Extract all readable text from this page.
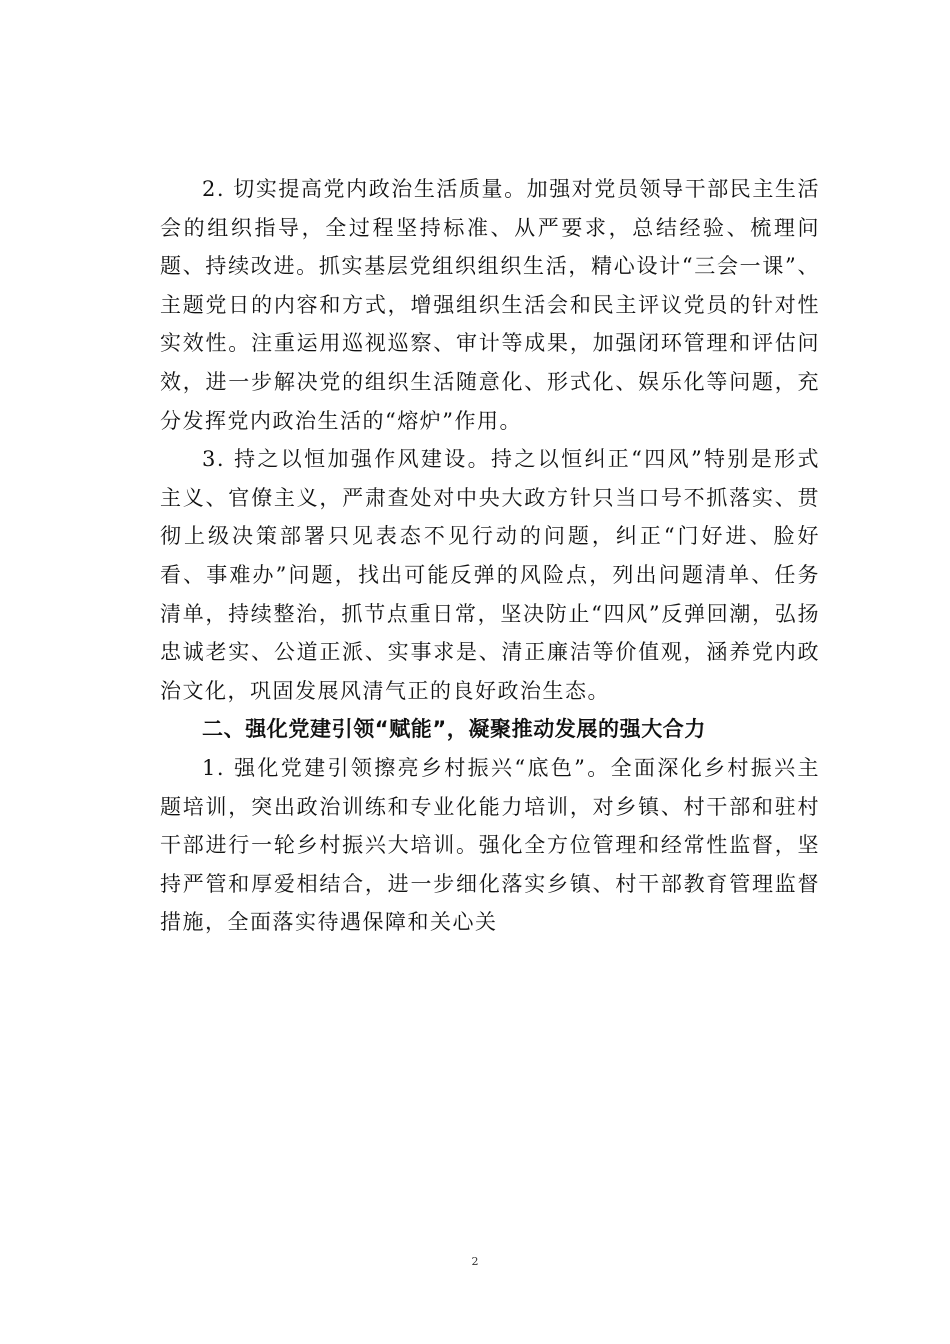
2. 切实提高党内政治生活质量。加强对党员领导干部民主生活会的组织指导，全过程坚持标准、从严要求，总结经验、梳理问题、持续改进。抓实基层党组织组织生活，精心设计“三会一课”、主题党日的内容和方式，增强组织生活会和民主评议党员的针对性实效性。注重运用巡视巡察、审计等成果，加强闭环管理和评估问效，进一步解决党的组织生活随意化、形式化、娱乐化等问题，充分发挥党内政治生活的“熔炉”作用。

3. 持之以恒加强作风建设。持之以恒纠正“四风”特别是形式主义、官僚主义，严肃查处对中央大政方针只当口号不抓落实、贯彻上级决策部署只见表态不见行动的问题，纠正“门好进、脸好看、事难办”问题，找出可能反弹的风险点，列出问题清单、任务清单，持续整治，抓节点重日常，坚决防止“四风”反弹回潮，弘扬忠诚老实、公道正派、实事求是、清正廉洁等价值观，涵养党内政治文化，巩固发展风清气正的良好政治生态。

二、强化党建引领“赋能”，凝聚推动发展的强大合力

1. 强化党建引领擦亮乡村振兴“底色”。全面深化乡村振兴主题培训，突出政治训练和专业化能力培训，对乡镇、村干部和驻村干部进行一轮乡村振兴大培训。强化全方位管理和经常性监督，坚持严管和厚爱相结合，进一步细化落实乡镇、村干部教育管理监督措施，全面落实待遇保障和关心关

2
